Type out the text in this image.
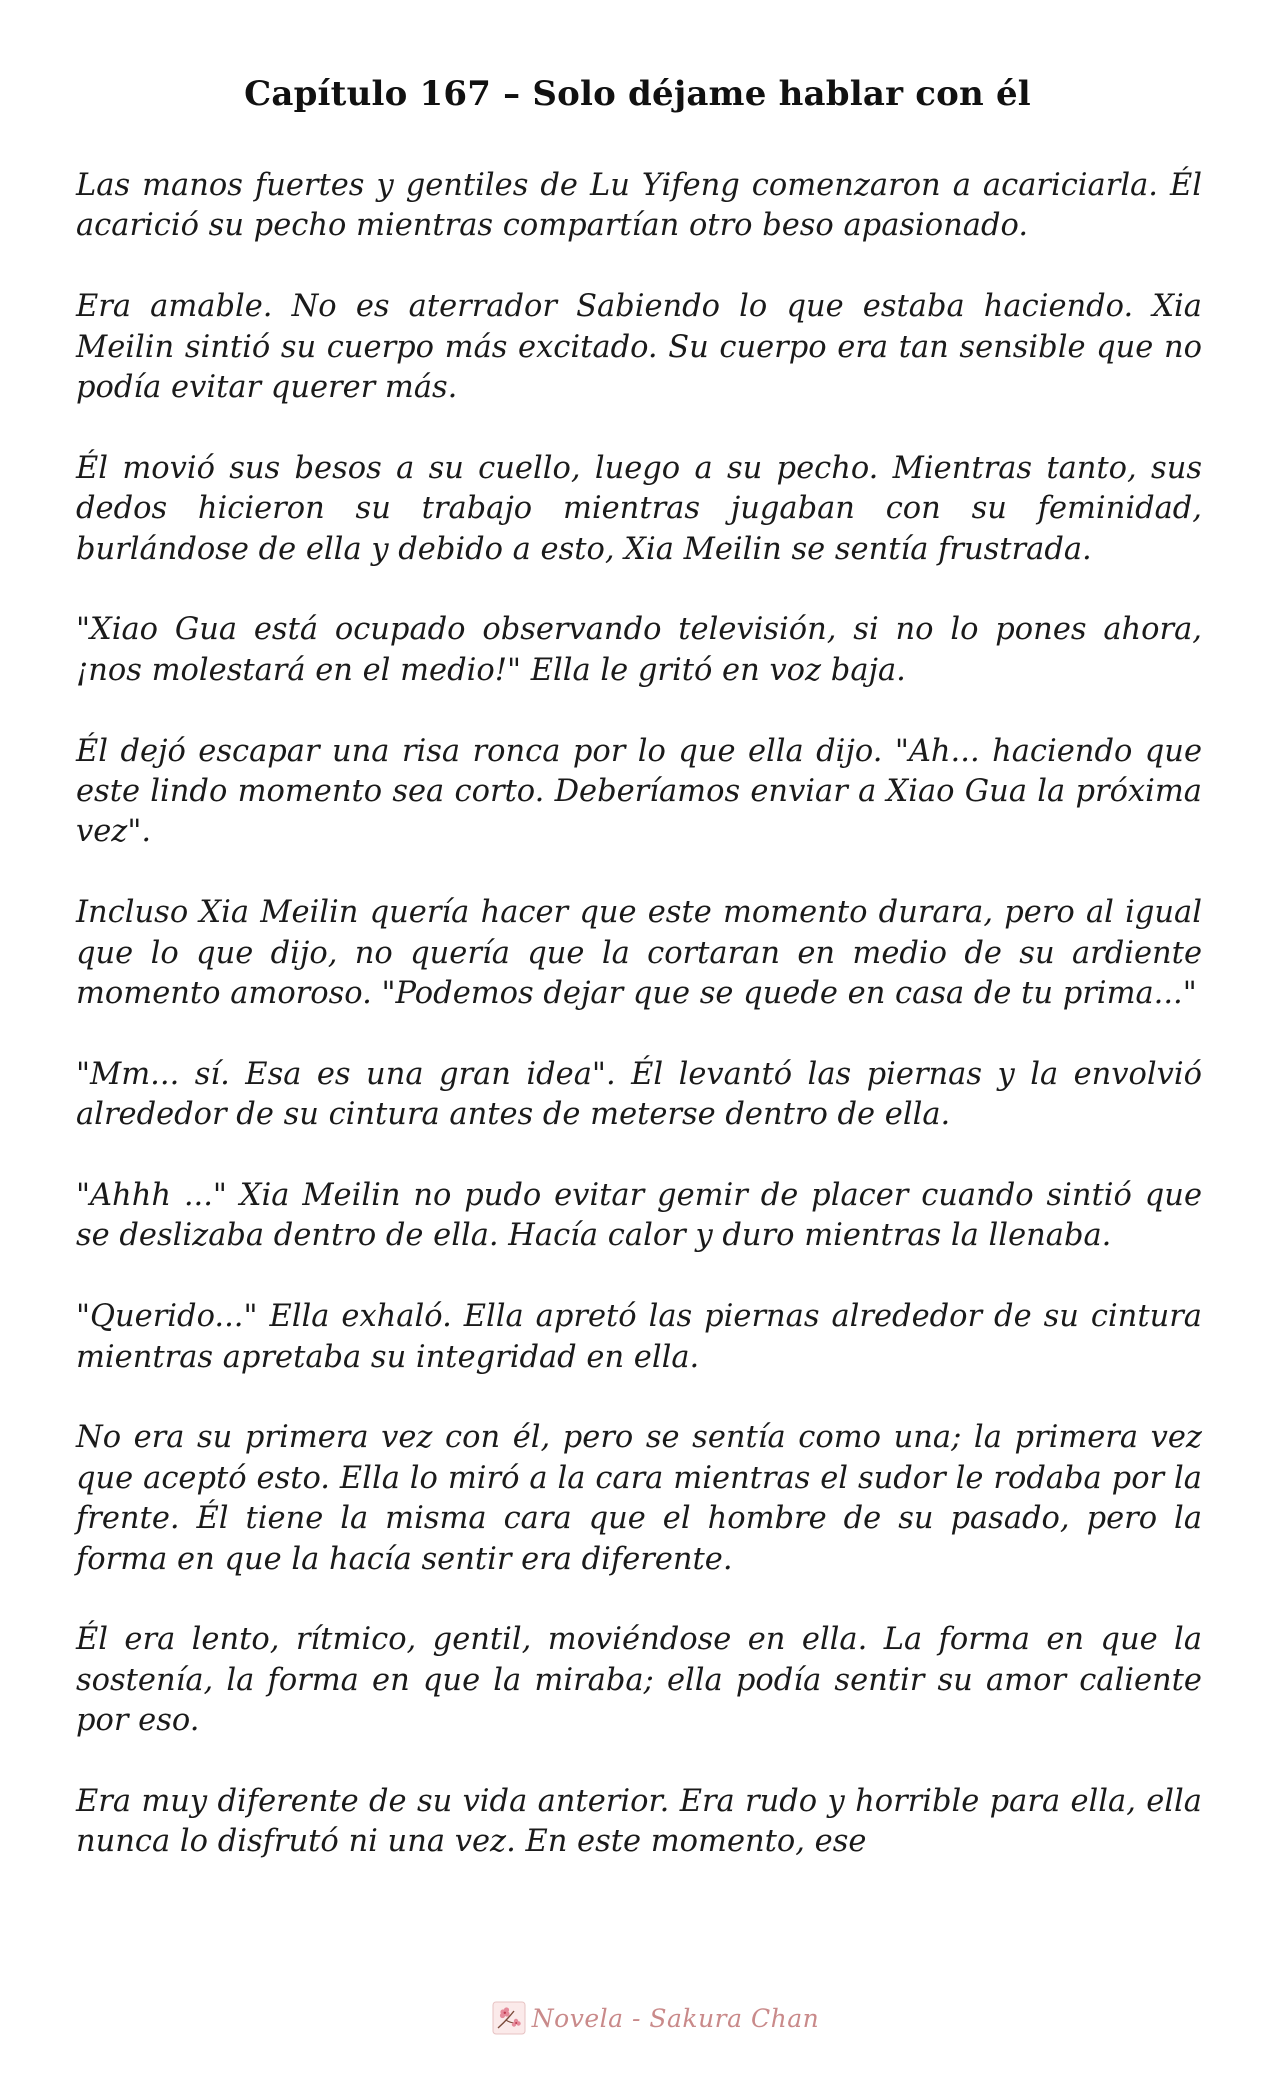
Capítulo 167 – Solo déjame hablar con él

Las manos fuertes y gentiles de Lu Yifeng comenzaron a acariciarla. Él acarició su pecho mientras compartían otro beso apasionado.

Era amable. No es aterrador Sabiendo lo que estaba haciendo. Xia Meilin sintió su cuerpo más excitado. Su cuerpo era tan sensible que no podía evitar querer más.

Él movió sus besos a su cuello, luego a su pecho. Mientras tanto, sus dedos hicieron su trabajo mientras jugaban con su feminidad, burlándose de ella y debido a esto, Xia Meilin se sentía frustrada.

"Xiao Gua está ocupado observando televisión, si no lo pones ahora, ¡nos molestará en el medio!" Ella le gritó en voz baja.

Él dejó escapar una risa ronca por lo que ella dijo. "Ah... haciendo que este lindo momento sea corto. Deberíamos enviar a Xiao Gua la próxima vez".

Incluso Xia Meilin quería hacer que este momento durara, pero al igual que lo que dijo, no quería que la cortaran en medio de su ardiente momento amoroso. "Podemos dejar que se quede en casa de tu prima..."

"Mm... sí. Esa es una gran idea". Él levantó las piernas y la envolvió alrededor de su cintura antes de meterse dentro de ella.

"Ahhh ..." Xia Meilin no pudo evitar gemir de placer cuando sintió que se deslizaba dentro de ella. Hacía calor y duro mientras la llenaba.

"Querido..." Ella exhaló. Ella apretó las piernas alrededor de su cintura mientras apretaba su integridad en ella.

No era su primera vez con él, pero se sentía como una; la primera vez que aceptó esto. Ella lo miró a la cara mientras el sudor le rodaba por la frente. Él tiene la misma cara que el hombre de su pasado, pero la forma en que la hacía sentir era diferente.

Él era lento, rítmico, gentil, moviéndose en ella. La forma en que la sostenía, la forma en que la miraba; ella podía sentir su amor caliente por eso.

Era muy diferente de su vida anterior. Era rudo y horrible para ella, ella nunca lo disfrutó ni una vez. En este momento, ese

Novela - Sakura Chan
